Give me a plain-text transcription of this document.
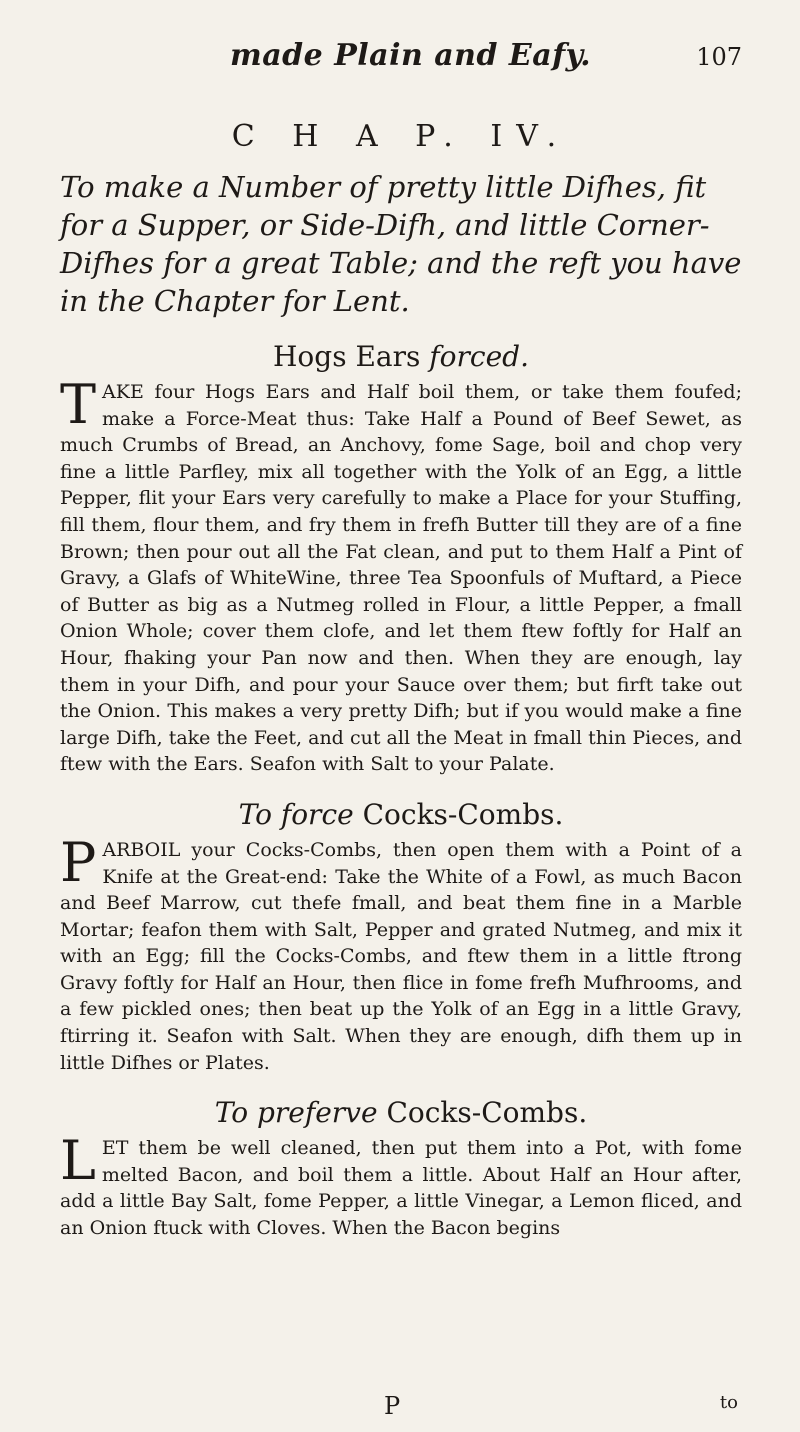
made Plain and Eafy.	107
C H A P. IV.
To make a Number of pretty little Difhes, fit for a Supper, or Side-Difh, and little Corner-Difhes for a great Table; and the reft you have in the Chapter for Lent.
Hogs Ears forced.

TAKE four Hogs Ears and Half boil them, or take them foufed; make a Force-Meat thus: Take Half a Pound of Beef Sewet, as much Crumbs of Bread, an Anchovy, fome Sage, boil and chop very fine a little Parfley, mix all together with the Yolk of an Egg, a little Pepper, flit your Ears very carefully to make a Place for your Stuffing, fill them, flour them, and fry them in frefh Butter till they are of a fine Brown; then pour out all the Fat clean, and put to them Half a Pint of Gravy, a Glafs of WhiteWine, three Tea Spoonfuls of Muftard, a Piece of Butter as big as a Nutmeg rolled in Flour, a little Pepper, a fmall Onion Whole; cover them clofe, and let them ftew foftly for Half an Hour, fhaking your Pan now and then. When they are enough, lay them in your Difh, and pour your Sauce over them; but firft take out the Onion. This makes a very pretty Difh; but if you would make a fine large Difh, take the Feet, and cut all the Meat in fmall thin Pieces, and ftew with the Ears. Seafon with Salt to your Palate.

To force Cocks-Combs.

PARBOIL your Cocks-Combs, then open them with a Point of a Knife at the Great-end: Take the White of a Fowl, as much Bacon and Beef Marrow, cut thefe fmall, and beat them fine in a Marble Mortar; feafon them with Salt, Pepper and grated Nutmeg, and mix it with an Egg; fill the Cocks-Combs, and ftew them in a little ftrong Gravy foftly for Half an Hour, then flice in fome frefh Mufhrooms, and a few pickled ones; then beat up the Yolk of an Egg in a little Gravy, ftirring it. Seafon with Salt. When they are enough, difh them up in little Difhes or Plates.

To preferve Cocks-Combs.

LET them be well cleaned, then put them into a Pot, with fome melted Bacon, and boil them a little. About Half an Hour after, add a little Bay Salt, fome Pepper, a little Vinegar, a Lemon fliced, and an Onion ftuck with Cloves. When the Bacon begins

P	to
